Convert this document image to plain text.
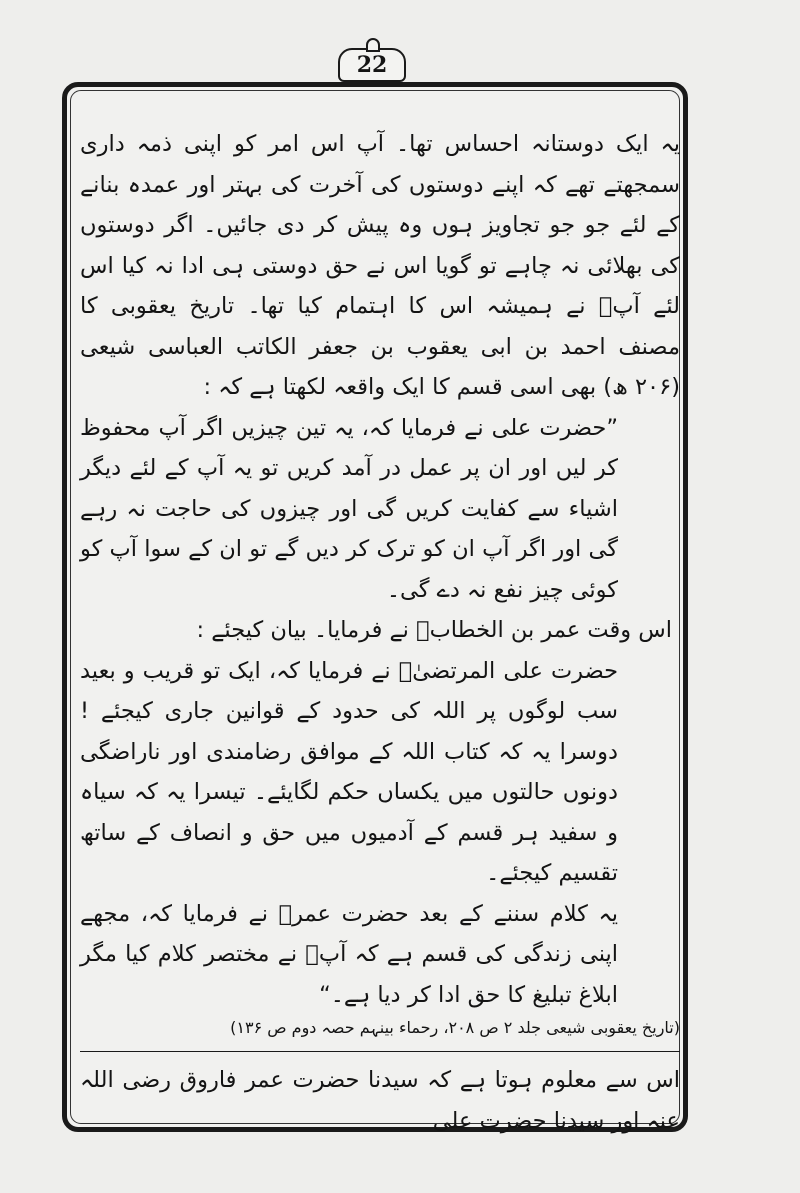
22

یہ ایک دوستانہ احساس تھا۔ آپ اس امر کو اپنی ذمہ داری سمجھتے تھے کہ اپنے دوستوں کی آخرت کی بہتر اور عمدہ بنانے کے لئے جو جو تجاویز ہوں وہ پیش کر دی جائیں۔ اگر دوستوں کی بھلائی نہ چاہے تو گویا اس نے حق دوستی ہی ادا نہ کیا اس لئے آپؓ نے ہمیشہ اس کا اہتمام کیا تھا۔ تاریخ یعقوبی کا مصنف احمد بن ابی یعقوب بن جعفر الکاتب العباسی شیعی (۲۰۶ ھ) بھی اسی قسم کا ایک واقعہ لکھتا ہے کہ :

”حضرت علی نے فرمایا کہ، یہ تین چیزیں اگر آپ محفوظ کر لیں اور ان پر عمل در آمد کریں تو یہ آپ کے لئے دیگر اشیاء سے کفایت کریں گی اور چیزوں کی حاجت نہ رہے گی اور اگر آپ ان کو ترک کر دیں گے تو ان کے سوا آپ کو کوئی چیز نفع نہ دے گی۔

اس وقت عمر بن الخطابؓ نے فرمایا۔ بیان کیجئے :

حضرت علی المرتضیٰؓ نے فرمایا کہ، ایک تو قریب و بعید سب لوگوں پر اللہ کی حدود کے قوانین جاری کیجئے ! دوسرا یہ کہ کتاب اللہ کے موافق رضامندی اور ناراضگی دونوں حالتوں میں یکساں حکم لگایئے۔ تیسرا یہ کہ سیاہ و سفید ہر قسم کے آدمیوں میں حق و انصاف کے ساتھ تقسیم کیجئے۔

یہ کلام سننے کے بعد حضرت عمرؓ نے فرمایا کہ، مجھے اپنی زندگی کی قسم ہے کہ آپؓ نے مختصر کلام کیا مگر ابلاغ تبلیغ کا حق ادا کر دیا ہے۔“

(تاریخ یعقوبی شیعی جلد ۲ ص ۲۰۸، رحماء بینہم حصہ دوم ص ۱۳۶)

اس سے معلوم ہوتا ہے کہ سیدنا حضرت عمر فاروق رضی اللہ عنہ اور سیدنا حضرت علی
